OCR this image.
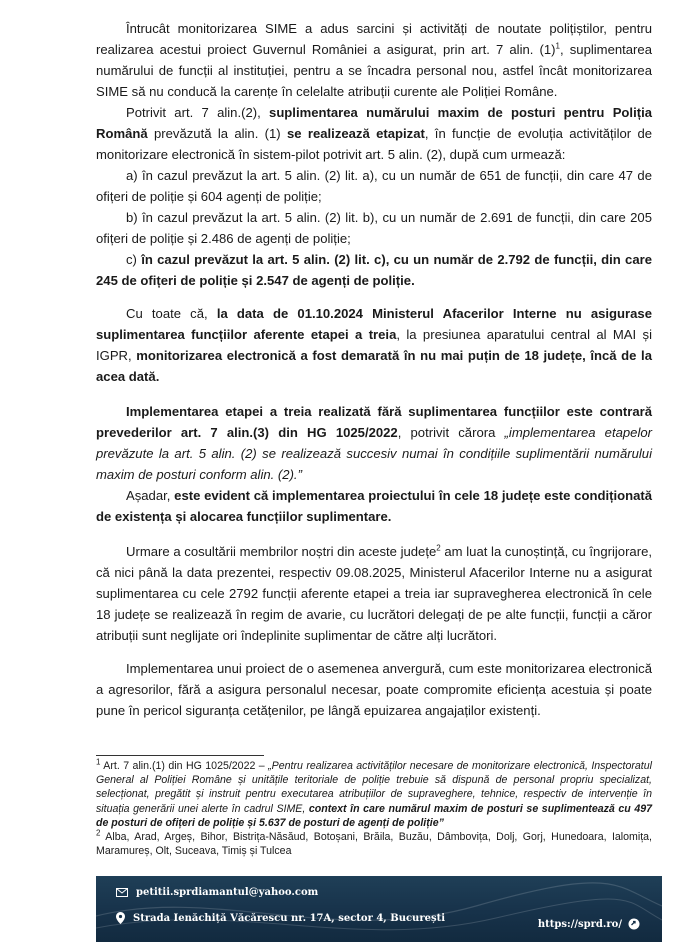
Întrucât monitorizarea SIME a adus sarcini și activități de noutate polițiștilor, pentru realizarea acestui proiect Guvernul României a asigurat, prin art. 7 alin. $(1)^1$, suplimentarea numărului de funcții al instituției, pentru a se încadra personal nou, astfel încât monitorizarea SIME să nu conducă la carențe în celelalte atribuții curente ale Poliției Române.

Potrivit art. 7 alin.(2), suplimentarea numărului maxim de posturi pentru Poliția Română prevăzută la alin. (1) se realizează etapizat, în funcție de evoluția activităților de monitorizare electronică în sistem-pilot potrivit art. 5 alin. (2), după cum urmează:

a) în cazul prevăzut la art. 5 alin. (2) lit. a), cu un număr de 651 de funcții, din care 47 de ofițeri de poliție și 604 agenți de poliție;

b) în cazul prevăzut la art. 5 alin. (2) lit. b), cu un număr de 2.691 de funcții, din care 205 ofițeri de poliție și 2.486 de agenți de poliție;

c) în cazul prevăzut la art. 5 alin. (2) lit. c), cu un număr de 2.792 de funcții, din care 245 de ofițeri de poliție și 2.547 de agenți de poliție.

Cu toate că, la data de 01.10.2024 Ministerul Afacerilor Interne nu asigurase suplimentarea funcțiilor aferente etapei a treia, la presiunea aparatului central al MAI și IGPR, monitorizarea electronică a fost demarată în nu mai puțin de 18 județe, încă de la acea dată.

Implementarea etapei a treia realizată fără suplimentarea funcțiilor este contrară prevederilor art. 7 alin.(3) din HG 1025/2022, potrivit cărora „implementarea etapelor prevăzute la art. 5 alin. (2) se realizează succesiv numai în condițiile suplimentării numărului maxim de posturi conform alin. (2).”

Așadar, este evident că implementarea proiectului în cele 18 județe este condiționată de existența și alocarea funcțiilor suplimentare.

Urmare a cosultării membrilor noștri din aceste județe$^2$ am luat la cunoștință, cu îngrijorare, că nici până la data prezentei, respectiv 09.08.2025, Ministerul Afacerilor Interne nu a asigurat suplimentarea cu cele 2792 funcții aferente etapei a treia iar supravegherea electronică în cele 18 județe se realizează în regim de avarie, cu lucrători delegați de pe alte funcții, funcții a căror atribuții sunt neglijate ori îndeplinite suplimentar de către alți lucrători.

Implementarea unui proiect de o asemenea anvergură, cum este monitorizarea electronică a agresorilor, fără a asigura personalul necesar, poate compromite eficiența acestuia și poate pune în pericol siguranța cetățenilor, pe lângă epuizarea angajaților existenți.

$^1$ Art. 7 alin.(1) din HG 1025/2022 – „Pentru realizarea activităților necesare de monitorizare electronică, Inspectoratul General al Poliției Române și unitățile teritoriale de poliție trebuie să dispună de personal propriu specializat, selecționat, pregătit și instruit pentru executarea atribuțiilor de supraveghere, tehnice, respectiv de intervenție în situația generării unei alerte în cadrul SIME, context în care numărul maxim de posturi se suplimentează cu 497 de posturi de ofițeri de poliție și 5.637 de posturi de agenți de poliție”

$^2$ Alba, Arad, Argeș, Bihor, Bistrița-Năsăud, Botoșani, Brăila, Buzău, Dâmbovița, Dolj, Gorj, Hunedoara, Ialomița, Maramureș, Olt, Suceava, Timiș și Tulcea

petitii.sprdiamantul@yahoo.com
Strada Ienăchiță Văcărescu nr. 17A, sector 4, București
https://sprd.ro/
